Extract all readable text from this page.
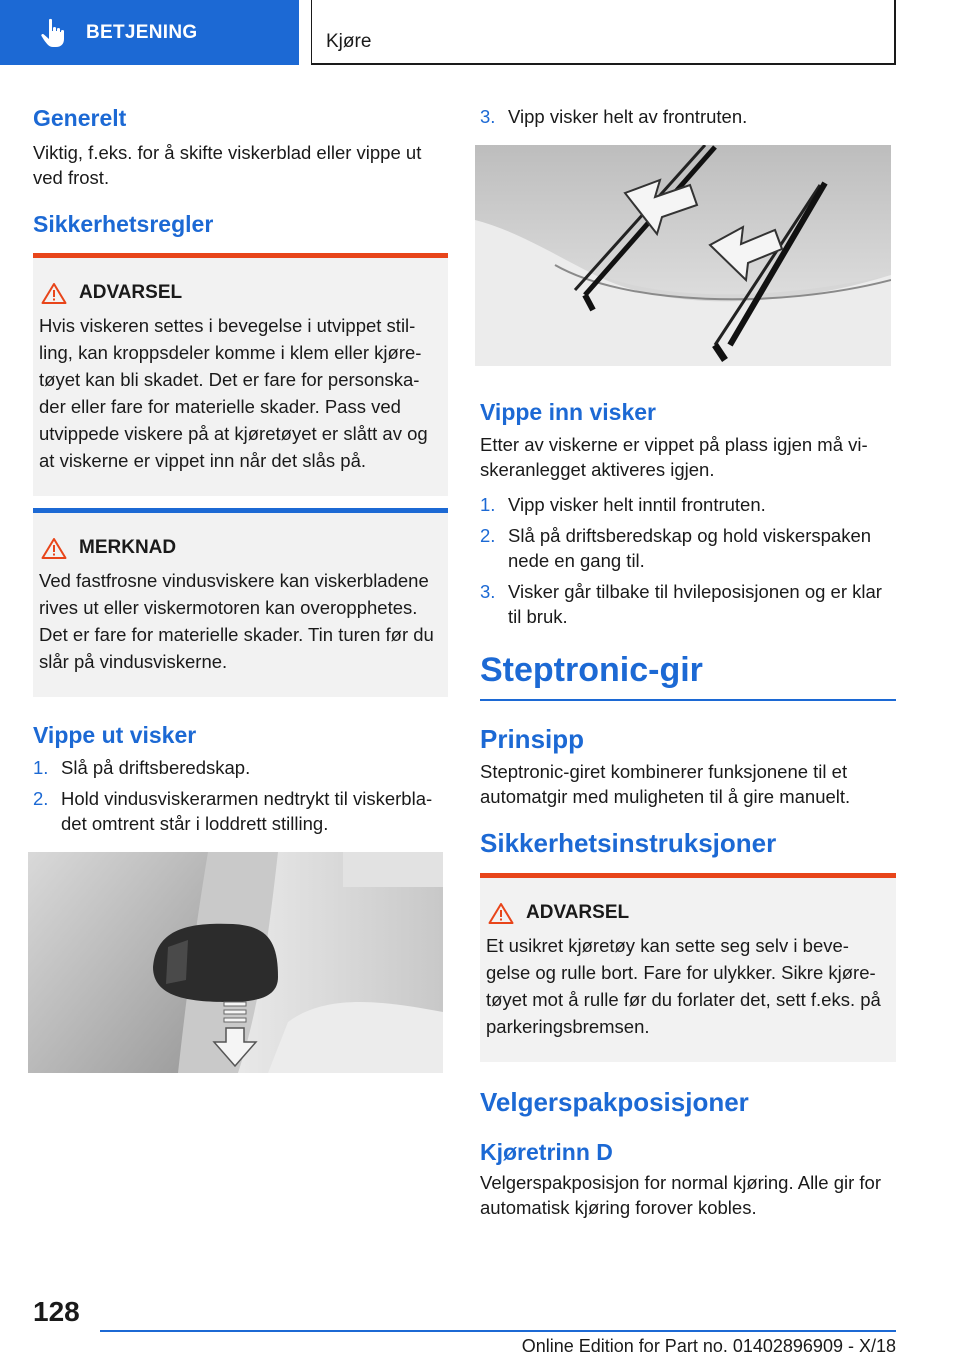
BETJENING	Kjøre
Generelt
Viktig, f.eks. for å skifte viskerblad eller vippe ut ved frost.
Sikkerhetsregler
ADVARSEL
Hvis viskeren settes i bevegelse i utvippet stil-ling, kan kroppsdeler komme i klem eller kjøre-tøyet kan bli skadet. Det er fare for personska-der eller fare for materielle skader. Pass ved utvippede viskere på at kjøretøyet er slått av og at viskerne er vippet inn når det slås på.
MERKNAD
Ved fastfrosne vindusviskere kan viskerbladene rives ut eller viskermotoren kan overopphetes. Det er fare for materielle skader. Tin turen før du slår på vindusviskerne.
Vippe ut visker
1. Slå på driftsberedskap.
2. Hold vindusviskerarmen nedtrykt til viskerbla-det omtrent står i loddrett stilling.
3. Vipp visker helt av frontruten.
Vippe inn visker
Etter av viskerne er vippet på plass igjen må vi-skeranlegget aktiveres igjen.
1. Vipp visker helt inntil frontruten.
2. Slå på driftsberedskap og hold viskerspaken nede en gang til.
3. Visker går tilbake til hvileposisjonen og er klar til bruk.
Steptronic-gir
Prinsipp
Steptronic-giret kombinerer funksjonene til et automatgir med muligheten til å gire manuelt.
Sikkerhetsinstruksjoner
ADVARSEL
Et usikret kjøretøy kan sette seg selv i beve-gelse og rulle bort. Fare for ulykker. Sikre kjøre-tøyet mot å rulle før du forlater det, sett f.eks. på parkeringsbremsen.
Velgerspakposisjoner
Kjøretrinn D
Velgerspakposisjon for normal kjøring. Alle gir for automatisk kjøring forover kobles.
128
Online Edition for Part no. 01402896909 - X/18
